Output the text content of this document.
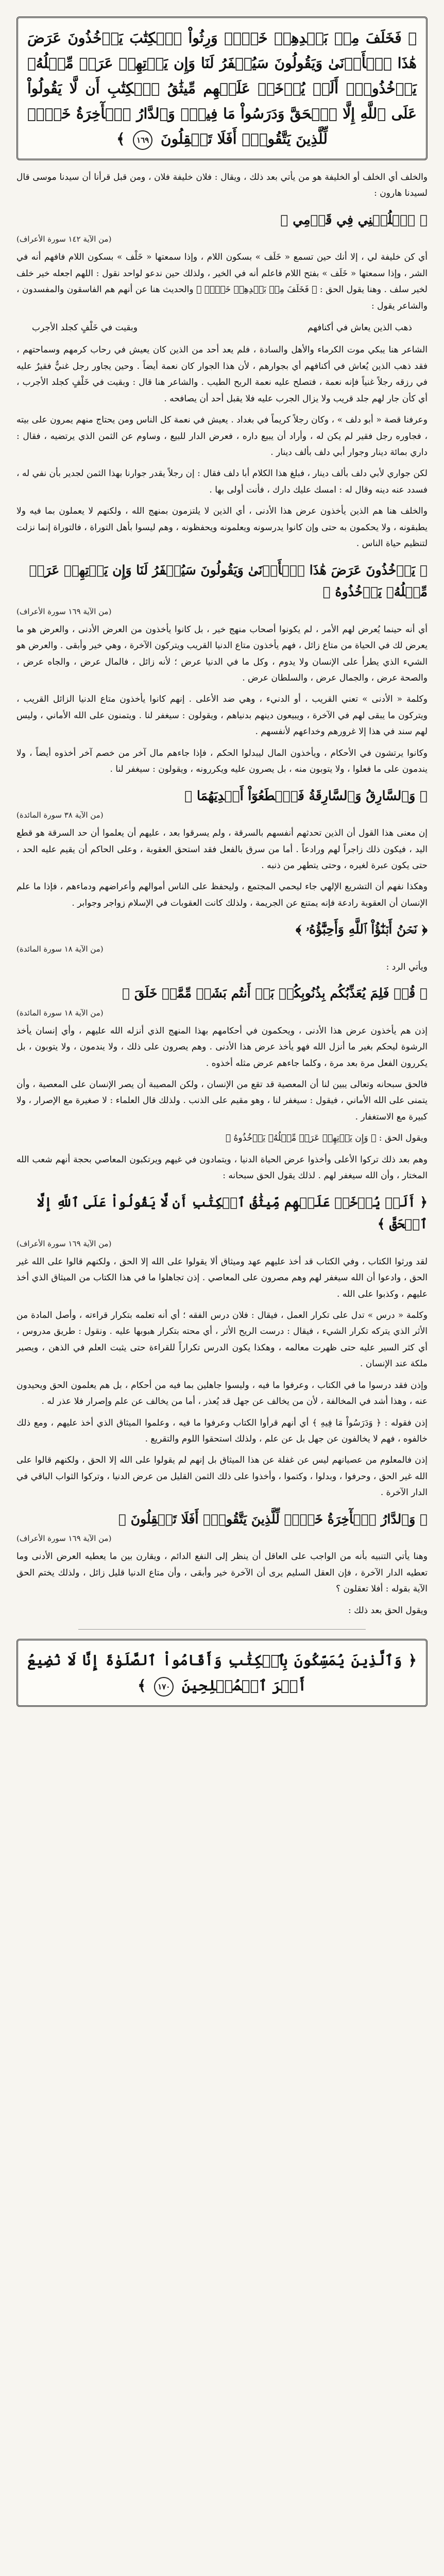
﴿ فَخَلَفَ مِنۢ بَعۡدِهِمۡ خَلۡفٞ وَرِثُواْ ٱلۡكِتَٰبَ يَأۡخُذُونَ عَرَضَ هَٰذَا ٱلۡأَدۡنَىٰ وَيَقُولُونَ سَيُغۡفَرُ لَنَا وَإِن يَأۡتِهِمۡ عَرَضٞ مِّثۡلُهُۥ يَأۡخُذُوهُۚ أَلَمۡ يُؤۡخَذۡ عَلَيۡهِم مِّيثَٰقُ ٱلۡكِتَٰبِ أَن لَّا يَقُولُواْ عَلَى ٱللَّهِ إِلَّا ٱلۡحَقَّ وَدَرَسُواْ مَا فِيهِۗ وَٱلدَّارُ ٱلۡأٓخِرَةُ خَيۡرٞ لِّلَّذِينَ يَتَّقُونَۚ أَفَلَا تَعۡقِلُونَ ١٦٩ ﴾
والخلف أي الخلف أو الخليفة هو من يأتي بعد ذلك ، ويقال : فلان خليفة فلان ، ومن قبل قرأنا أن سيدنا موسى قال لسيدنا هارون :
﴿ ٱخۡلُفۡنِي فِي قَوۡمِي ﴾
(من الآية ١٤٢ سورة الأعراف)
أي كن خليفة لي ، إلا أنك حين تسمع « خَلَف » بسكون اللام ، وإذا سمعتها « خَلْف » بسكون اللام فافهم أنه في الشر ، وإذا سمعتها « خَلَف » بفتح اللام فاعلم أنه في الخير ، ولذلك حين ندعو لواحد نقول : اللهم اجعله خير خلف لخير سلف . وهنا يقول الحق : ﴿ فَخَلَفَ مِنۢ بَعۡدِهِمۡ خَلۡفٞ ﴾ والحديث هنا عن أنهم هم الفاسقون والمفسدون ، والشاعر يقول :
ذهب الذين يعاش في أكنافهم
وبقيت في خَلْفٍ كجلد الأجرب
الشاعر هنا يبكي موت الكرماء والأهل والسادة ، فلم يعد أحد من الذين كان يعيش في رحاب كرمهم وسماحتهم ، فقد ذهب الذين يُعاش في أكنافهم أي بجوارهم ، لأن هذا الجوار كان نعمة أيضاً . وحين يجاور رجل غنيٌّ فقيرٌ عليه في رزقه رجلاً غنياً فإنه نعمة ، فتصلح عليه نعمة الربح الطيب . والشاعر هنا قال : وبقيت في خَلْفٍ كجلد الأجرب ، أي كأن جار لهم جلد قريب ولا يزال الجرب عليه فلا يقبل أحد أن يصافحه .
وعرفنا قصة « أبو دلف » ، وكان رجلاً كريماً في بغداد . يعيش في نعمة كل الناس ومن يحتاج منهم يمرون على بيته ، فجاوره رجل فقير لم يكن له ، وأراد أن يبيع داره ، فعرض الدار للبيع ، وساوم عن الثمن الذي يرتضيه ، فقال : داري بمائة دينار وجوار أبي دلف بألف دينار .
لكن جواري لأبي دلف بألف دينار ، فبلغ هذا الكلام أبا دلف فقال : إن رجلاً يقدر جوارنا بهذا الثمن لجدير بأن نفي له ، فسدد عنه دينه وقال له : امسك عليك دارك ، فأنت أولى بها .
والخلف هنا هم الذين يأخذون عرض هذا الأدنى ، أي الذين لا يلتزمون بمنهج الله ، ولكنهم لا يعملون بما فيه ولا يطبقونه ، ولا يحكمون به حتى وإن كانوا يدرسونه ويعلمونه ويحفظونه ، وهم ليسوا بأهل التوراة ، فالتوراة إنما نزلت لتنظيم حياة الناس .
﴿ يَأۡخُذُونَ عَرَضَ هَٰذَا ٱلۡأَدۡنَىٰ وَيَقُولُونَ سَيُغۡفَرُ لَنَا وَإِن يَأۡتِهِمۡ عَرَضٞ مِّثۡلُهُۥ يَأۡخُذُوهُ ﴾
(من الآية ١٦٩ سورة الأعراف)
أي أنه حينما يُعرض لهم الأمر ، لم يكونوا أصحاب منهج خير ، بل كانوا يأخذون من العرض الأدنى ، والعرض هو ما يعرض لك في الحياة من متاع زائل ، فهم يأخذون متاع الدنيا القريب ويتركون الآخرة ، وهي خير وأبقى . والعرض هو الشيء الذي يطرأ على الإنسان ولا يدوم ، وكل ما في الدنيا عرض ؛ لأنه زائل ، فالمال عرض ، والجاه عرض ، والصحة عرض ، والجمال عرض ، والسلطان عرض .
وكلمة « الأدنى » تعني القريب ، أو الدنيء ، وهي ضد الأعلى . إنهم كانوا يأخذون متاع الدنيا الزائل القريب ، ويتركون ما يبقى لهم في الآخرة ، ويبيعون دينهم بدنياهم ، ويقولون : سيغفر لنا . ويتمنون على الله الأماني ، وليس لهم سند في هذا إلا غرورهم وخداعهم لأنفسهم .
وكانوا يرتشون في الأحكام ، ويأخذون المال ليبدلوا الحكم ، فإذا جاءهم مال آخر من خصم آخر أخذوه أيضاً ، ولا يندمون على ما فعلوا ، ولا يتوبون منه ، بل يصرون عليه ويكررونه ، ويقولون : سيغفر لنا .
﴿ وَٱلسَّارِقُ وَٱلسَّارِقَةُ فَٱقۡطَعُوٓاْ أَيۡدِيَهُمَا ﴾
(من الآية ٣٨ سورة المائدة)
إن معنى هذا القول أن الذين تحدثهم أنفسهم بالسرقة ، ولم يسرقوا بعد ، عليهم أن يعلموا أن حد السرقة هو قطع اليد ، فيكون ذلك زاجراً لهم ورادعاً . أما من سرق بالفعل فقد استحق العقوبة ، وعلى الحاكم أن يقيم عليه الحد ، حتى يكون عبرة لغيره ، وحتى يتطهر من ذنبه .
وهكذا نفهم أن التشريع الإلهي جاء ليحمي المجتمع ، وليحفظ على الناس أموالهم وأعراضهم ودماءهم ، فإذا ما علم الإنسان أن العقوبة رادعة فإنه يمتنع عن الجريمة ، ولذلك كانت العقوبات في الإسلام زواجر وجوابر .
﴿ نَحۡنُ أَبۡنَٰٓؤُاْ ٱللَّهِ وَأَحِبَّٰٓؤُهُۥ ﴾
(من الآية ١٨ سورة المائدة)
ويأتي الرد :
﴿ قُلۡ فَلِمَ يُعَذِّبُكُم بِذُنُوبِكُمۖ بَلۡ أَنتُم بَشَرٞ مِّمَّنۡ خَلَقَ ﴾
(من الآية ١٨ سورة المائدة)
إذن هم يأخذون عرض هذا الأدنى ، ويحكمون في أحكامهم بهذا المنهج الذي أنزله الله عليهم ، وأي إنسان يأخذ الرشوة ليحكم بغير ما أنزل الله فهو يأخذ عرض هذا الأدنى . وهم يصرون على ذلك ، ولا يندمون ، ولا يتوبون ، بل يكررون الفعل مرة بعد مرة ، وكلما جاءهم عرض مثله أخذوه .
فالحق سبحانه وتعالى يبين لنا أن المعصية قد تقع من الإنسان ، ولكن المصيبة أن يصر الإنسان على المعصية ، وأن يتمنى على الله الأماني ، فيقول : سيغفر لنا ، وهو مقيم على الذنب . ولذلك قال العلماء : لا صغيرة مع الإصرار ، ولا كبيرة مع الاستغفار .
ويقول الحق : ﴿ وَإِن يَأۡتِهِمۡ عَرَضٞ مِّثۡلُهُۥ يَأۡخُذُوهُ ﴾
وهم بعد ذلك تركوا الأعلى وأخذوا عرض الحياة الدنيا ، ويتمادون في غيهم ويرتكبون المعاصي بحجة أنهم شعب الله المختار ، وأن الله سيغفر لهم . لذلك يقول الحق سبحانه :
﴿ أَلَمۡ يُؤۡخَذۡ عَلَيۡهِم مِّيثَٰقُ ٱلۡكِتَٰبِ أَن لَّا يَقُولُواْ عَلَى ٱللَّهِ إِلَّا ٱلۡحَقَّ ﴾
(من الآية ١٦٩ سورة الأعراف)
لقد ورثوا الكتاب ، وفي الكتاب قد أخذ عليهم عهد وميثاق ألا يقولوا على الله إلا الحق ، ولكنهم قالوا على الله غير الحق ، وادعوا أن الله سيغفر لهم وهم مصرون على المعاصي . إذن تجاهلوا ما في هذا الكتاب من الميثاق الذي أخذ عليهم ، وكذبوا على الله .
وكلمة « درس » تدل على تكرار العمل ، فيقال : فلان درس الفقه ؛ أي أنه تعلمه بتكرار قراءته ، وأصل المادة من الأثر الذي يتركه تكرار الشيء ، فيقال : درست الريح الأثر ، أي محته بتكرار هبوبها عليه . ونقول : طريق مدروس ، أي كثر السير عليه حتى ظهرت معالمه ، وهكذا يكون الدرس تكراراً للقراءة حتى يثبت العلم في الذهن ، ويصير ملكة عند الإنسان .
وإذن فقد درسوا ما في الكتاب ، وعرفوا ما فيه ، وليسوا جاهلين بما فيه من أحكام ، بل هم يعلمون الحق ويحيدون عنه ، وهذا أشد في المخالفة ، لأن من يخالف عن جهل قد يُعذر ، أما من يخالف عن علم وإصرار فلا عذر له .
إذن فقوله : ﴿ وَدَرَسُواْ مَا فِيهِ ﴾ أي أنهم قرأوا الكتاب وعرفوا ما فيه ، وعلموا الميثاق الذي أخذ عليهم ، ومع ذلك خالفوه ، فهم لا يخالفون عن جهل بل عن علم ، ولذلك استحقوا اللوم والتقريع .
إذن فالمعلوم من عصيانهم ليس عن غفلة عن هذا الميثاق بل إنهم لم يقولوا على الله إلا الحق ، ولكنهم قالوا على الله غير الحق ، وحرفوا ، وبدلوا ، وكتموا ، وأخذوا على ذلك الثمن القليل من عرض الدنيا ، وتركوا الثواب الباقي في الدار الآخرة .
﴿ وَٱلدَّارُ ٱلۡأٓخِرَةُ خَيۡرٞ لِّلَّذِينَ يَتَّقُونَۚ أَفَلَا تَعۡقِلُونَ ﴾
(من الآية ١٦٩ سورة الأعراف)
وهنا يأتي التنبيه بأنه من الواجب على العاقل أن ينظر إلى النفع الدائم ، ويقارن بين ما يعطيه العرض الأدنى وما تعطيه الدار الآخرة ، فإن العقل السليم يرى أن الآخرة خير وأبقى ، وأن متاع الدنيا قليل زائل ، ولذلك يختم الحق الآية بقوله : أفلا تعقلون ؟
ويقول الحق بعد ذلك :
﴿ وَٱلَّذِينَ يُمَسِّكُونَ بِٱلۡكِتَٰبِ وَأَقَامُواْ ٱلصَّلَوٰةَ إِنَّا لَا نُضِيعُ أَجۡرَ ٱلۡمُصۡلِحِينَ ١٧٠ ﴾
